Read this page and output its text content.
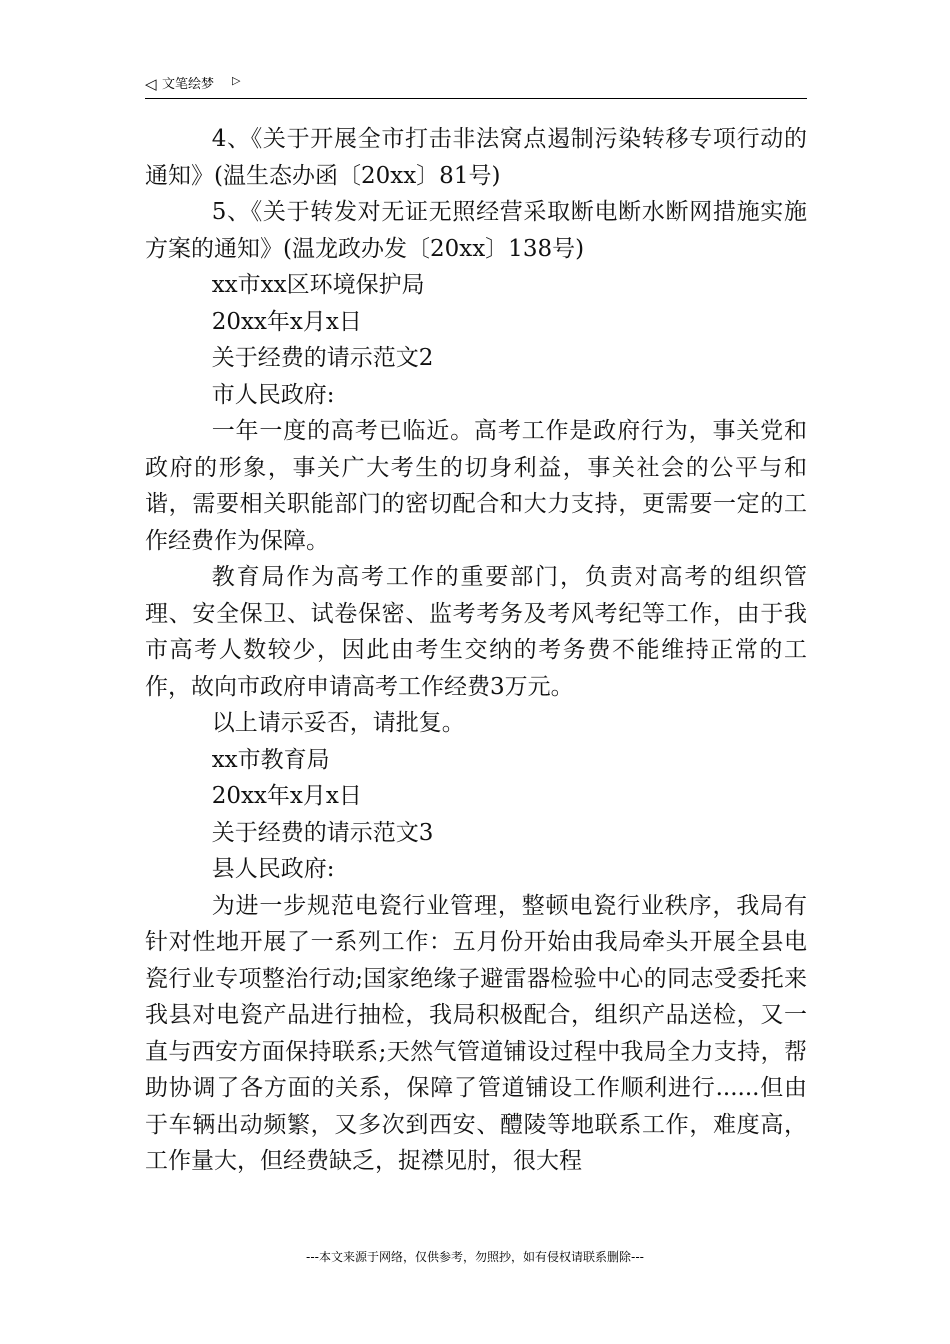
◁ 文笔绘梦 ▷

4、《关于开展全市打击非法窝点遏制污染转移专项行动的通知》(温生态办函〔20xx〕81号)

5、《关于转发对无证无照经营采取断电断水断网措施实施方案的通知》(温龙政办发〔20xx〕138号)

xx市xx区环境保护局

20xx年x月x日

关于经费的请示范文2

市人民政府:

一年一度的高考已临近。高考工作是政府行为，事关党和政府的形象，事关广大考生的切身利益，事关社会的公平与和谐，需要相关职能部门的密切配合和大力支持，更需要一定的工作经费作为保障。

教育局作为高考工作的重要部门，负责对高考的组织管理、安全保卫、试卷保密、监考考务及考风考纪等工作，由于我市高考人数较少，因此由考生交纳的考务费不能维持正常的工作，故向市政府申请高考工作经费3万元。

以上请示妥否，请批复。

xx市教育局

20xx年x月x日

关于经费的请示范文3

县人民政府:

为进一步规范电瓷行业管理，整顿电瓷行业秩序，我局有针对性地开展了一系列工作：五月份开始由我局牵头开展全县电瓷行业专项整治行动;国家绝缘子避雷器检验中心的同志受委托来我县对电瓷产品进行抽检，我局积极配合，组织产品送检，又一直与西安方面保持联系;天然气管道铺设过程中我局全力支持，帮助协调了各方面的关系，保障了管道铺设工作顺利进行......但由于车辆出动频繁，又多次到西安、醴陵等地联系工作，难度高，工作量大，但经费缺乏，捉襟见肘，很大程

---本文来源于网络，仅供参考，勿照抄，如有侵权请联系删除---
